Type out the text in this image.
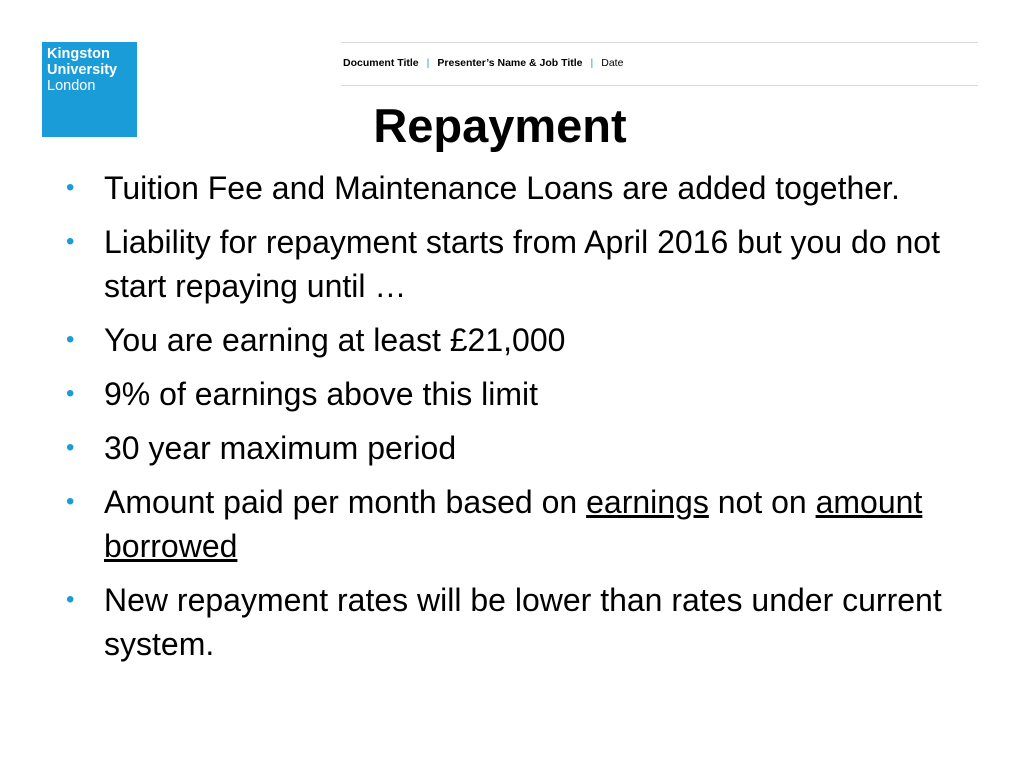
Kingston
University
London
Document Title | Presenter’s Name & Job Title | Date
Repayment
• Tuition Fee and Maintenance Loans are added together.
• Liability for repayment starts from April 2016 but you do not start repaying until …
• You are earning at least £21,000
• 9% of earnings above this limit
• 30 year maximum period
• Amount paid per month based on earnings not on amount borrowed
• New repayment rates will be lower than rates under current system.
